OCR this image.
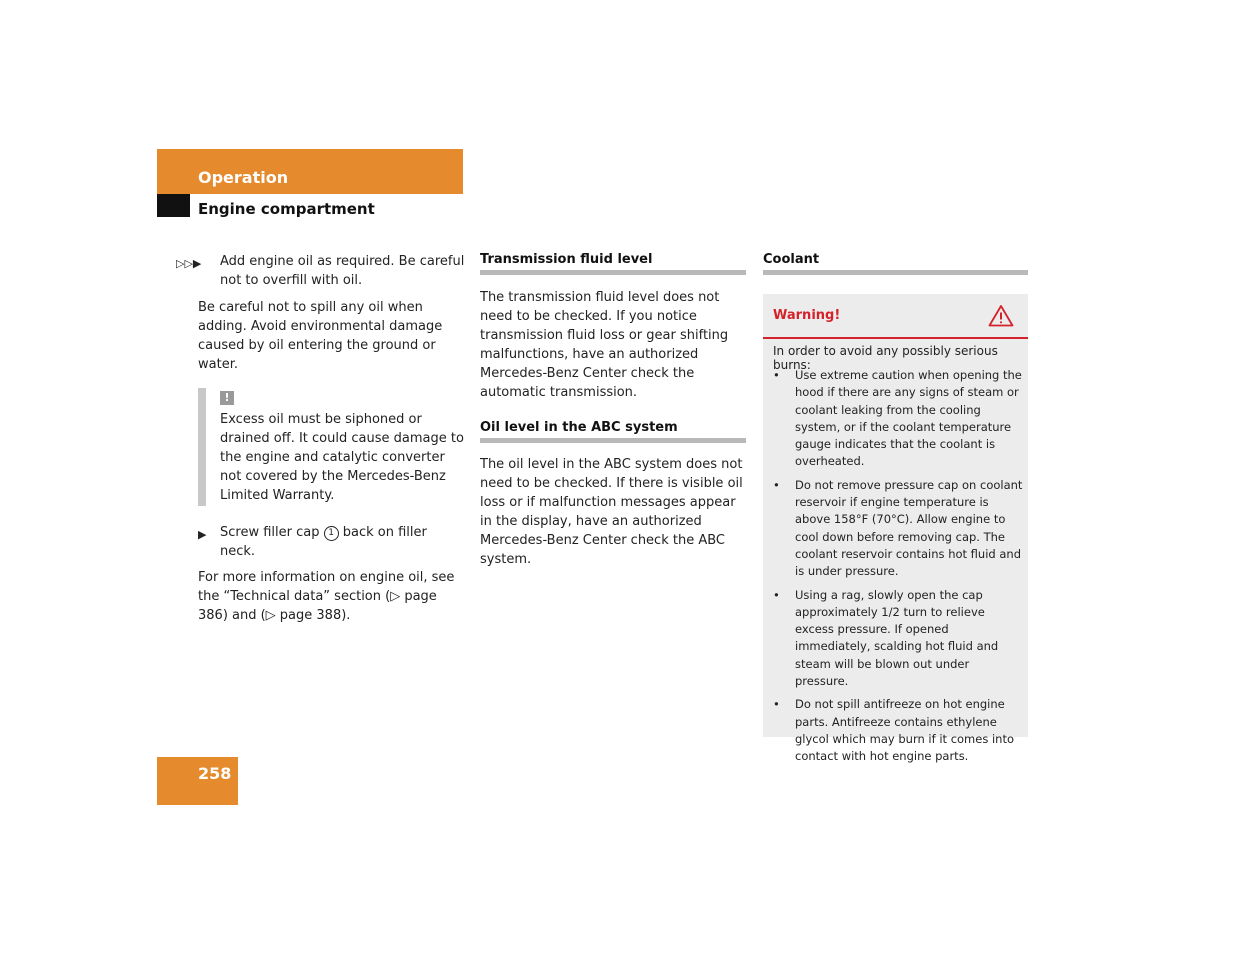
Operation
Engine compartment
▷▷▶	Add engine oil as required. Be careful not to overfill with oil.
Be careful not to spill any oil when adding. Avoid environmental damage caused by oil entering the ground or water.
!
Excess oil must be siphoned or drained off. It could cause damage to the engine and catalytic converter not covered by the Mercedes-Benz Limited Warranty.
▶	Screw filler cap 1 back on filler neck.
For more information on engine oil, see the “Technical data” section (▷ page 386) and (▷ page 388).
Transmission fluid level
The transmission fluid level does not need to be checked. If you notice transmission fluid loss or gear shifting malfunctions, have an authorized Mercedes-Benz Center check the automatic transmission.
Oil level in the ABC system
The oil level in the ABC system does not need to be checked. If there is visible oil loss or if malfunction messages appear in the display, have an authorized Mercedes-Benz Center check the ABC system.
Coolant
Warning!
In order to avoid any possibly serious burns:
•	Use extreme caution when opening the hood if there are any signs of steam or coolant leaking from the cooling system, or if the coolant temperature gauge indicates that the coolant is overheated.
•	Do not remove pressure cap on coolant reservoir if engine temperature is above 158°F (70°C). Allow engine to cool down before removing cap. The coolant reservoir contains hot fluid and is under pressure.
•	Using a rag, slowly open the cap approximately 1/2 turn to relieve excess pressure. If opened immediately, scalding hot fluid and steam will be blown out under pressure.
•	Do not spill antifreeze on hot engine parts. Antifreeze contains ethylene glycol which may burn if it comes into contact with hot engine parts.
258
